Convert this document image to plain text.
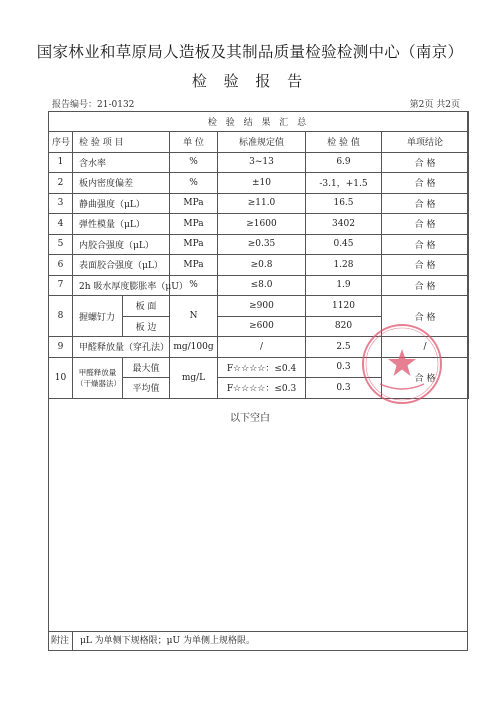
国家林业和草原局人造板及其制品质量检验检测中心（南京）
检 验 报 告
报告编号：21-0132	第2页 共2页
检 验 结 果 汇 总						
序号	检 验 项 目		单 位	标准规定值	检 验 值	单项结论
1	含水率		%	3~13	6.9	合 格
2	板内密度偏差		%	±10	-3.1，+1.5	合 格
3	静曲强度（μL）		MPa	≥11.0	16.5	合 格
4	弹性模量（μL）		MPa	≥1600	3402	合 格
5	内胶合强度（μL）		MPa	≥0.35	0.45	合 格
6	表面胶合强度（μL）		MPa	≥0.8	1.28	合 格
7	2h 吸水厚度膨胀率（μU）		%	≤8.0	1.9	合 格
8	握螺钉力	板 面	N	≥900	1120	合 格
		板 边		≥600	820	
9	甲醛释放量（穿孔法）		mg/100g	/	2.5	/
10	甲醛释放量
（干燥器法）	最大值	mg/L	F☆☆☆☆：≤0.4	0.3	合 格
		平均值		F☆☆☆☆：≤0.3	0.3	
以下空白
附注	μL 为单侧下规格限；μU 为单侧上规格限。
